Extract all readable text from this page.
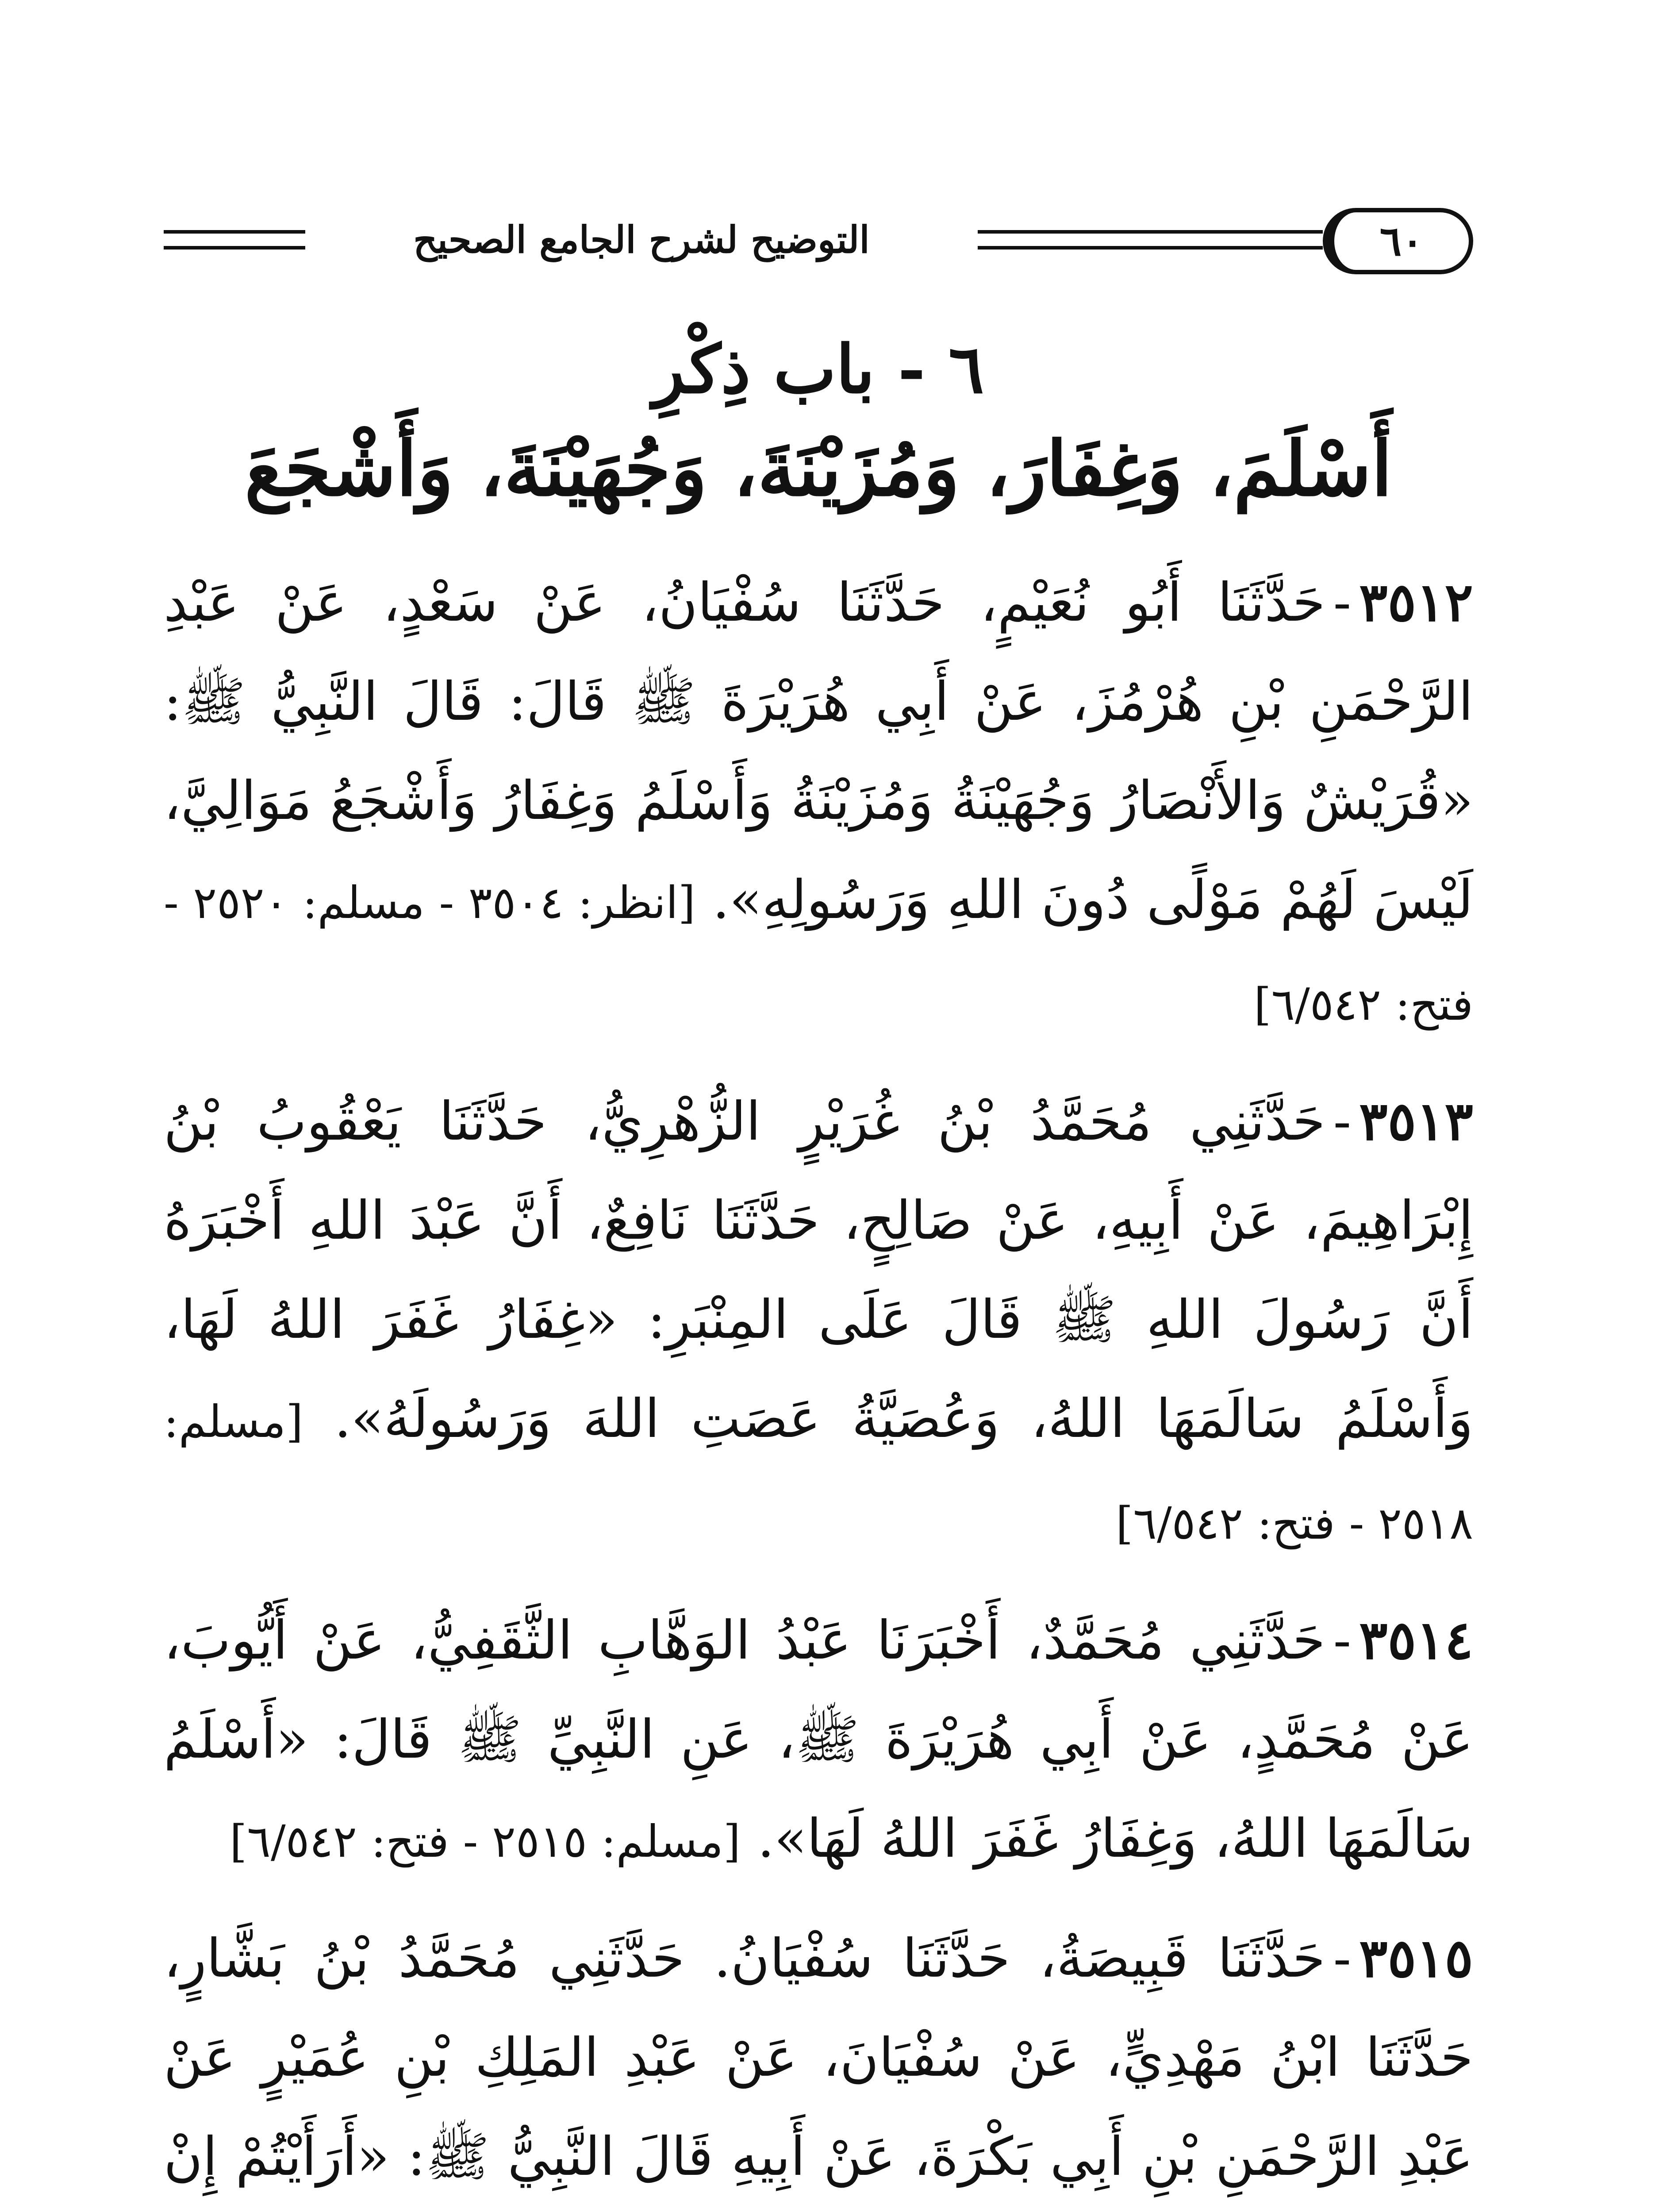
٦٠
التوضيح لشرح الجامع الصحيح
٦ - باب ذِكْرِ
أَسْلَمَ، وَغِفَارَ، وَمُزَيْنَةَ، وَجُهَيْنَةَ، وَأَشْجَعَ

٣٥١٢-حَدَّثَنَا أَبُو نُعَيْمٍ، حَدَّثَنَا سُفْيَانُ، عَنْ سَعْدٍ، عَنْ عَبْدِ الرَّحْمَنِ بْنِ هُرْمُزَ، عَنْ أَبِي هُرَيْرَةَ ﷺ قَالَ: قَالَ النَّبِيُّ ﷺ: «قُرَيْشٌ وَالأَنْصَارُ وَجُهَيْنَةُ وَمُزَيْنَةُ وَأَسْلَمُ وَغِفَارُ وَأَشْجَعُ مَوَالِيَّ، لَيْسَ لَهُمْ مَوْلًى دُونَ اللهِ وَرَسُولِهِ». [انظر: ٣٥٠٤ - مسلم: ٢٥٢٠ - فتح: ٦/٥٤٢]

٣٥١٣-حَدَّثَنِي مُحَمَّدُ بْنُ غُرَيْرٍ الزُّهْرِيُّ، حَدَّثَنَا يَعْقُوبُ بْنُ إِبْرَاهِيمَ، عَنْ أَبِيهِ، عَنْ صَالِحٍ، حَدَّثَنَا نَافِعٌ، أَنَّ عَبْدَ اللهِ أَخْبَرَهُ أَنَّ رَسُولَ اللهِ ﷺ قَالَ عَلَى المِنْبَرِ: «غِفَارُ غَفَرَ اللهُ لَهَا، وَأَسْلَمُ سَالَمَهَا اللهُ، وَعُصَيَّةُ عَصَتِ اللهَ وَرَسُولَهُ». [مسلم: ٢٥١٨ - فتح: ٦/٥٤٢]

٣٥١٤-حَدَّثَنِي مُحَمَّدٌ، أَخْبَرَنَا عَبْدُ الوَهَّابِ الثَّقَفِيُّ، عَنْ أَيُّوبَ، عَنْ مُحَمَّدٍ، عَنْ أَبِي هُرَيْرَةَ ﷺ، عَنِ النَّبِيِّ ﷺ قَالَ: «أَسْلَمُ سَالَمَهَا اللهُ، وَغِفَارُ غَفَرَ اللهُ لَهَا». [مسلم: ٢٥١٥ - فتح: ٦/٥٤٢]

٣٥١٥-حَدَّثَنَا قَبِيصَةُ، حَدَّثَنَا سُفْيَانُ. حَدَّثَنِي مُحَمَّدُ بْنُ بَشَّارٍ، حَدَّثَنَا ابْنُ مَهْدِيٍّ، عَنْ سُفْيَانَ، عَنْ عَبْدِ المَلِكِ بْنِ عُمَيْرٍ عَنْ عَبْدِ الرَّحْمَنِ بْنِ أَبِي بَكْرَةَ، عَنْ أَبِيهِ قَالَ النَّبِيُّ ﷺ: «أَرَأَيْتُمْ إِنْ
